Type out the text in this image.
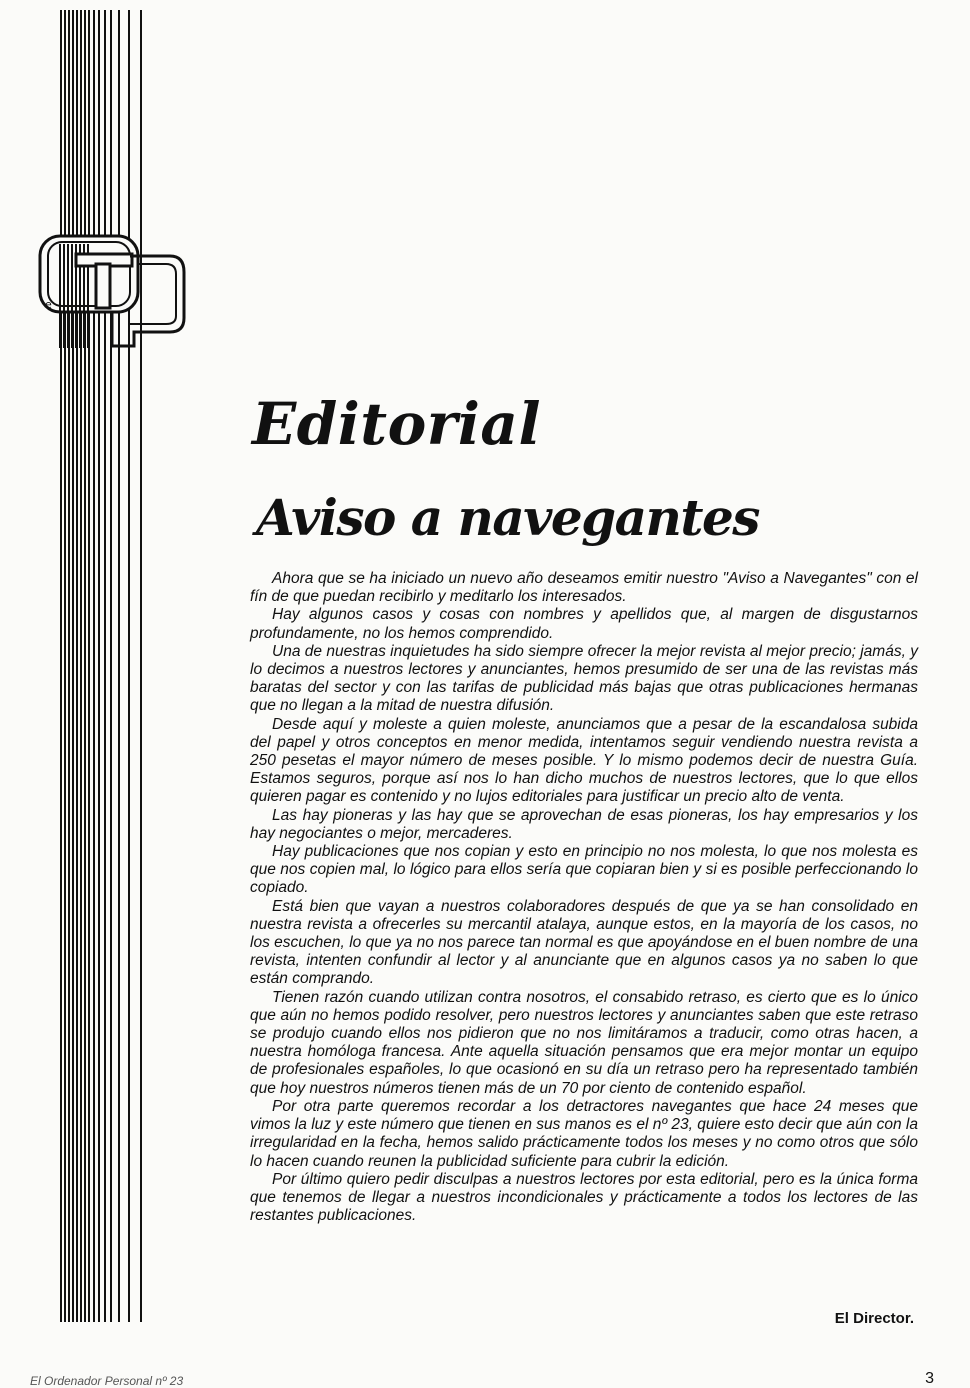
e
Editorial
Aviso a navegantes

Ahora que se ha iniciado un nuevo año deseamos emitir nuestro "Aviso a Navegantes" con el fín de que puedan recibirlo y meditarlo los interesados.

Hay algunos casos y cosas con nombres y apellidos que, al margen de disgustarnos profundamente, no los hemos comprendido.

Una de nuestras inquietudes ha sido siempre ofrecer la mejor revista al mejor precio; jamás, y lo decimos a nuestros lectores y anunciantes, hemos presumido de ser una de las revistas más baratas del sector y con las tarifas de publicidad más bajas que otras publicaciones hermanas que no llegan a la mitad de nuestra difusión.

Desde aquí y moleste a quien moleste, anunciamos que a pesar de la escandalosa subida del papel y otros conceptos en menor medida, intentamos seguir vendiendo nuestra revista a 250 pesetas el mayor número de meses posible. Y lo mismo podemos decir de nuestra Guía. Estamos seguros, porque así nos lo han dicho muchos de nuestros lectores, que lo que ellos quieren pagar es contenido y no lujos editoriales para justificar un precio alto de venta.

Las hay pioneras y las hay que se aprovechan de esas pioneras, los hay empresarios y los hay negociantes o mejor, mercaderes.

Hay publicaciones que nos copian y esto en principio no nos molesta, lo que nos molesta es que nos copien mal, lo lógico para ellos sería que copiaran bien y si es posible perfeccionando lo copiado.

Está bien que vayan a nuestros colaboradores después de que ya se han consolidado en nuestra revista a ofrecerles su mercantil atalaya, aunque estos, en la mayoría de los casos, no los escuchen, lo que ya no nos parece tan normal es que apoyándose en el buen nombre de una revista, intenten confundir al lector y al anunciante que en algunos casos ya no saben lo que están comprando.

Tienen razón cuando utilizan contra nosotros, el consabido retraso, es cierto que es lo único que aún no hemos podido resolver, pero nuestros lectores y anunciantes saben que este retraso se produjo cuando ellos nos pidieron que no nos limitáramos a traducir, como otras hacen, a nuestra homóloga francesa. Ante aquella situación pensamos que era mejor montar un equipo de profesionales españoles, lo que ocasionó en su día un retraso pero ha representado también que hoy nuestros números tienen más de un 70 por ciento de contenido español.

Por otra parte queremos recordar a los detractores navegantes que hace 24 meses que vimos la luz y este número que tienen en sus manos es el nº 23, quiere esto decir que aún con la irregularidad en la fecha, hemos salido prácticamente todos los meses y no como otros que sólo lo hacen cuando reunen la publicidad suficiente para cubrir la edición.

Por último quiero pedir disculpas a nuestros lectores por esta editorial, pero es la única forma que tenemos de llegar a nuestros incondicionales y prácticamente a todos los lectores de las restantes publicaciones.

El Director.
El Ordenador Personal nº 23	3
